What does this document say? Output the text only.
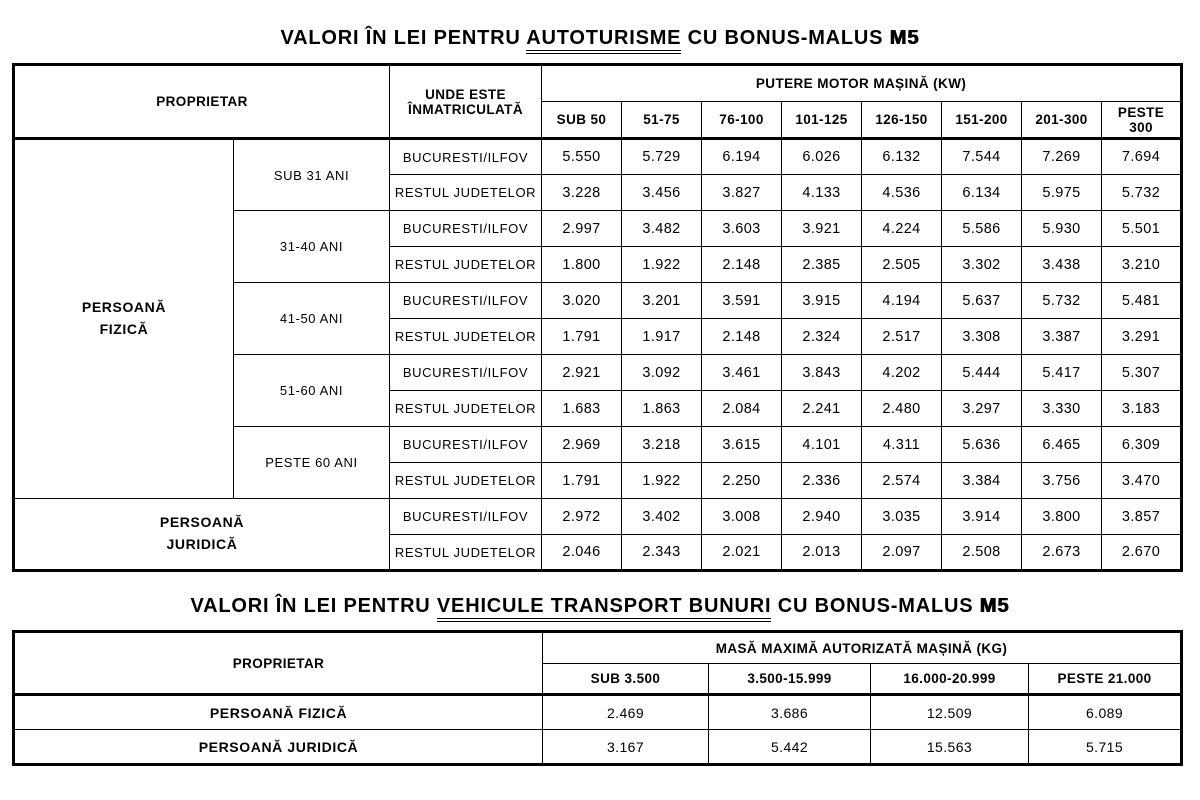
VALORI ÎN LEI PENTRU AUTOTURISME CU BONUS-MALUS M5
PROPRIETAR		UNDE ESTE
ÎNMATRICULATĂ	PUTERE MOTOR MAȘINĂ (KW)							
			SUB 50	51-75	76-100	101-125	126-150	151-200	201-300	PESTE 300

PERSOANĂ
FIZICĂ	SUB 31 ANI	BUCURESTI/ILFOV	5.550	5.729	6.194	6.026	6.132	7.544	7.269	7.694
		RESTUL JUDETELOR	3.228	3.456	3.827	4.133	4.536	6.134	5.975	5.732
	31-40 ANI	BUCURESTI/ILFOV	2.997	3.482	3.603	3.921	4.224	5.586	5.930	5.501
		RESTUL JUDETELOR	1.800	1.922	2.148	2.385	2.505	3.302	3.438	3.210
	41-50 ANI	BUCURESTI/ILFOV	3.020	3.201	3.591	3.915	4.194	5.637	5.732	5.481
		RESTUL JUDETELOR	1.791	1.917	2.148	2.324	2.517	3.308	3.387	3.291
	51-60 ANI	BUCURESTI/ILFOV	2.921	3.092	3.461	3.843	4.202	5.444	5.417	5.307
		RESTUL JUDETELOR	1.683	1.863	2.084	2.241	2.480	3.297	3.330	3.183
	PESTE 60 ANI	BUCURESTI/ILFOV	2.969	3.218	3.615	4.101	4.311	5.636	6.465	6.309
		RESTUL JUDETELOR	1.791	1.922	2.250	2.336	2.574	3.384	3.756	3.470

PERSOANĂ
JURIDICĂ		BUCURESTI/ILFOV	2.972	3.402	3.008	2.940	3.035	3.914	3.800	3.857
		RESTUL JUDETELOR	2.046	2.343	2.021	2.013	2.097	2.508	2.673	2.670
VALORI ÎN LEI PENTRU VEHICULE TRANSPORT BUNURI CU BONUS-MALUS M5
PROPRIETAR	MASĂ MAXIMĂ AUTORIZATĂ MAȘINĂ (KG)			
	SUB 3.500	3.500-15.999	16.000-20.999	PESTE 21.000
PERSOANĂ FIZICĂ	2.469	3.686	12.509	6.089
PERSOANĂ JURIDICĂ	3.167	5.442	15.563	5.715
